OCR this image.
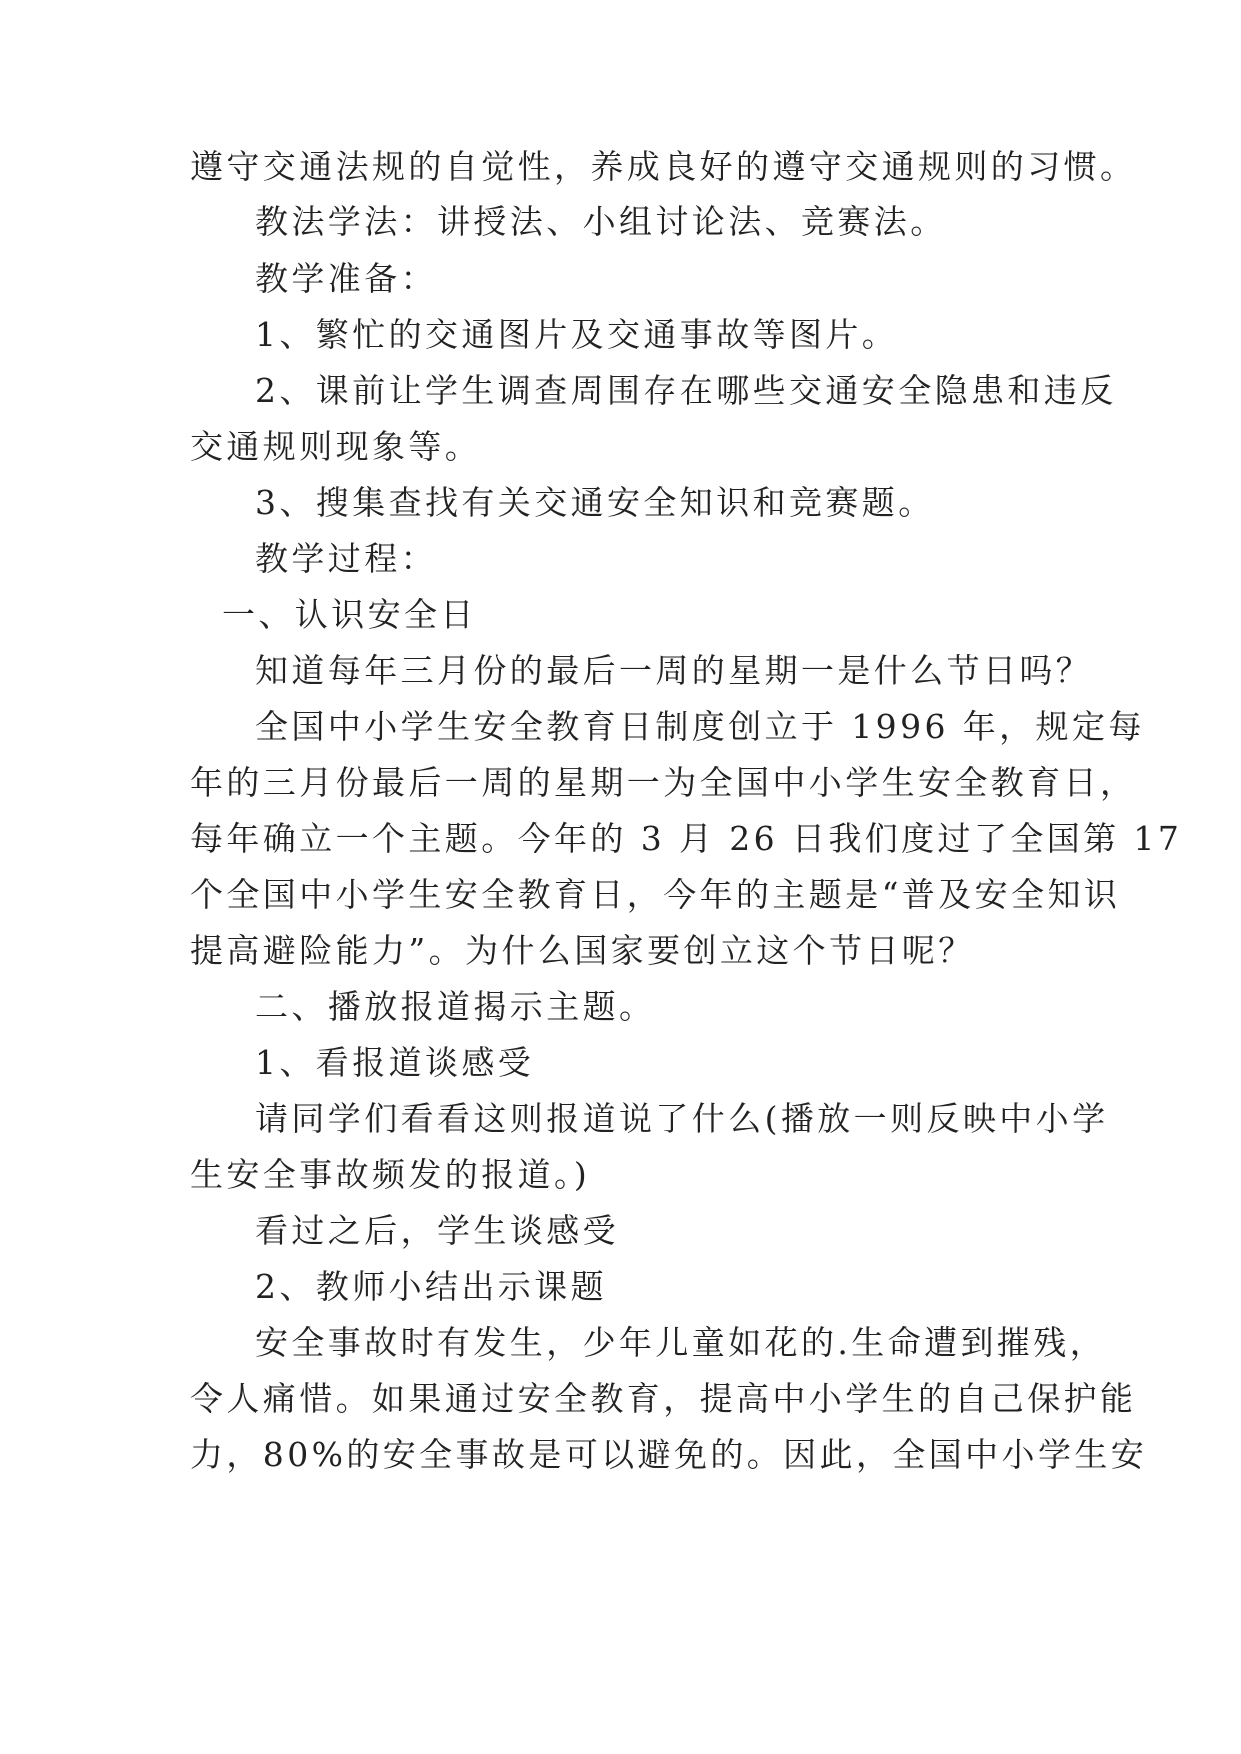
遵守交通法规的自觉性，养成良好的遵守交通规则的习惯。
教法学法：讲授法、小组讨论法、竞赛法。
教学准备：
1、繁忙的交通图片及交通事故等图片。
2、课前让学生调查周围存在哪些交通安全隐患和违反
交通规则现象等。
3、搜集查找有关交通安全知识和竞赛题。
教学过程：
一、认识安全日
知道每年三月份的最后一周的星期一是什么节日吗？
全国中小学生安全教育日制度创立于 1996 年，规定每
年的三月份最后一周的星期一为全国中小学生安全教育日，
每年确立一个主题。今年的 3 月 26 日我们度过了全国第 17
个全国中小学生安全教育日，今年的主题是“普及安全知识
提高避险能力”。为什么国家要创立这个节日呢？
二、播放报道揭示主题。
1、看报道谈感受
请同学们看看这则报道说了什么(播放一则反映中小学
生安全事故频发的报道。)
看过之后，学生谈感受
2、教师小结出示课题
安全事故时有发生，少年儿童如花的.生命遭到摧残，
令人痛惜。如果通过安全教育，提高中小学生的自己保护能
力，80%的安全事故是可以避免的。因此，全国中小学生安
